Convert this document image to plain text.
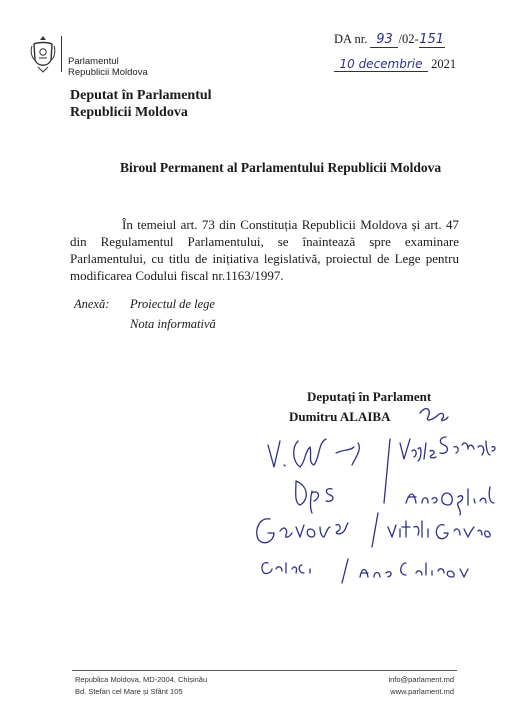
Parlamentul
Republicii Moldova
DA nr. 93 /02-151
10 decembrie 2021
Deputat în Parlamentul
Republicii Moldova
Biroul Permanent al Parlamentului Republicii Moldova
În temeiul art. 73 din Constituția Republicii Moldova și art. 47 din Regulamentul Parlamentului, se înaintează spre examinare Parlamentului, cu titlu de inițiativa legislativă, proiectul de Lege pentru modificarea Codului fiscal nr.1163/1997.
Anexă: Proiectul de lege
Nota informativă
Deputați în Parlament
Dumitru ALAIBA
Republica Moldova, MD-2004, Chișinău
Bd. Ștefan cel Mare și Sfânt 105
info@parlament.md
www.parlament.md
